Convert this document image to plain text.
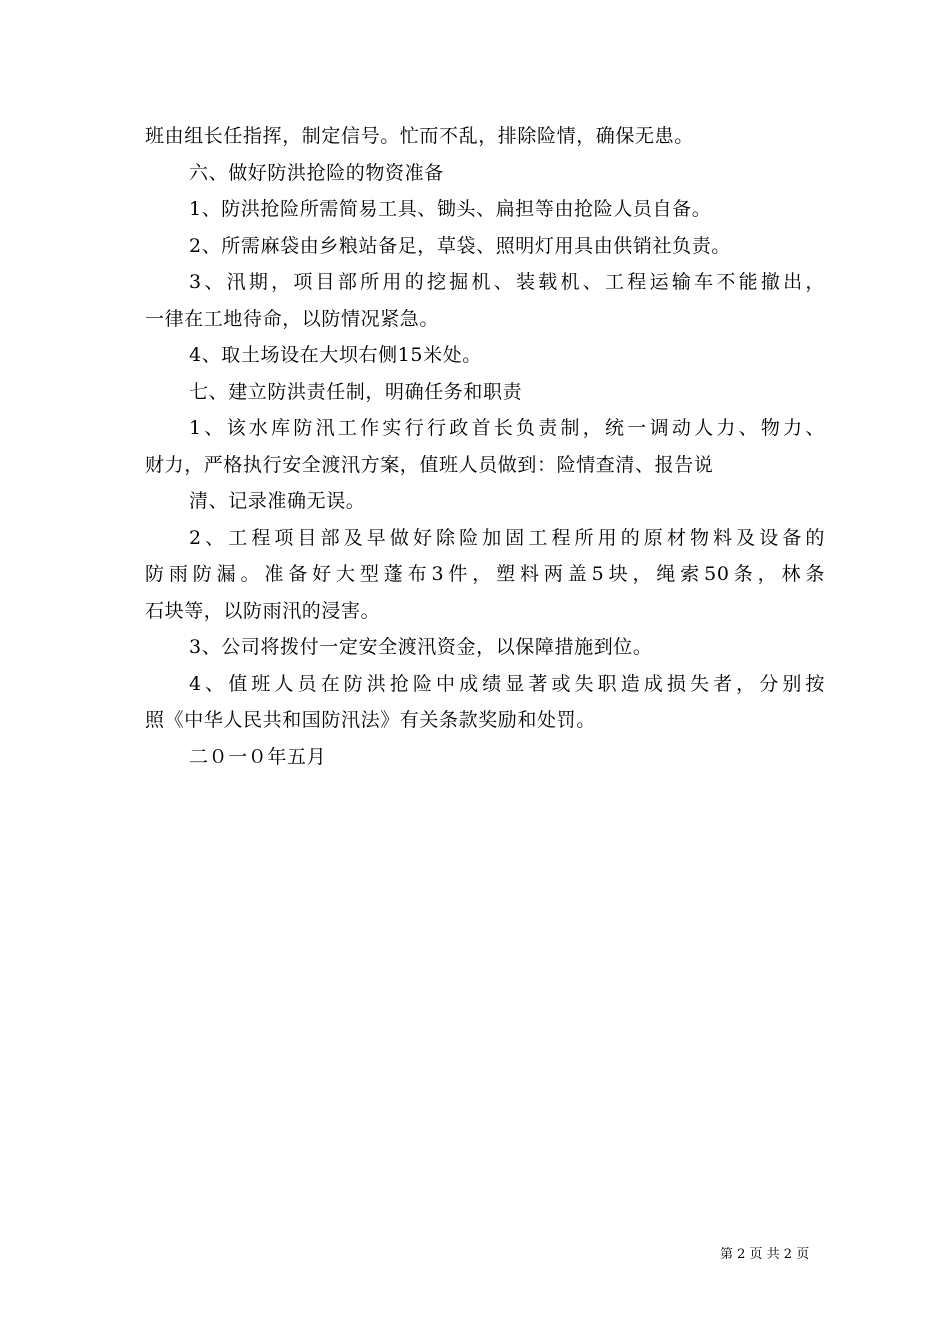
班由组长任指挥，制定信号。忙而不乱，排除险情，确保无患。
六、做好防洪抢险的物资准备
1、防洪抢险所需简易工具、锄头、扁担等由抢险人员自备。
2、所需麻袋由乡粮站备足，草袋、照明灯用具由供销社负责。
3、汛期，项目部所用的挖掘机、装载机、工程运输车不能撤出，
一律在工地待命，以防情况紧急。
4、取土场设在大坝右侧15米处。
七、建立防洪责任制，明确任务和职责
1、该水库防汛工作实行行政首长负责制，统一调动人力、物力、
财力，严格执行安全渡汛方案，值班人员做到：险情查清、报告说
清、记录准确无误。
2、工程项目部及早做好除险加固工程所用的原材物料及设备的
防雨防漏。准备好大型蓬布3件，塑料两盖5块，绳索50条，林条
石块等，以防雨汛的浸害。
3、公司将拨付一定安全渡汛资金，以保障措施到位。
4、值班人员在防洪抢险中成绩显著或失职造成损失者，分别按
照《中华人民共和国防汛法》有关条款奖励和处罚。
二０一０年五月
第 2 页 共 2 页
